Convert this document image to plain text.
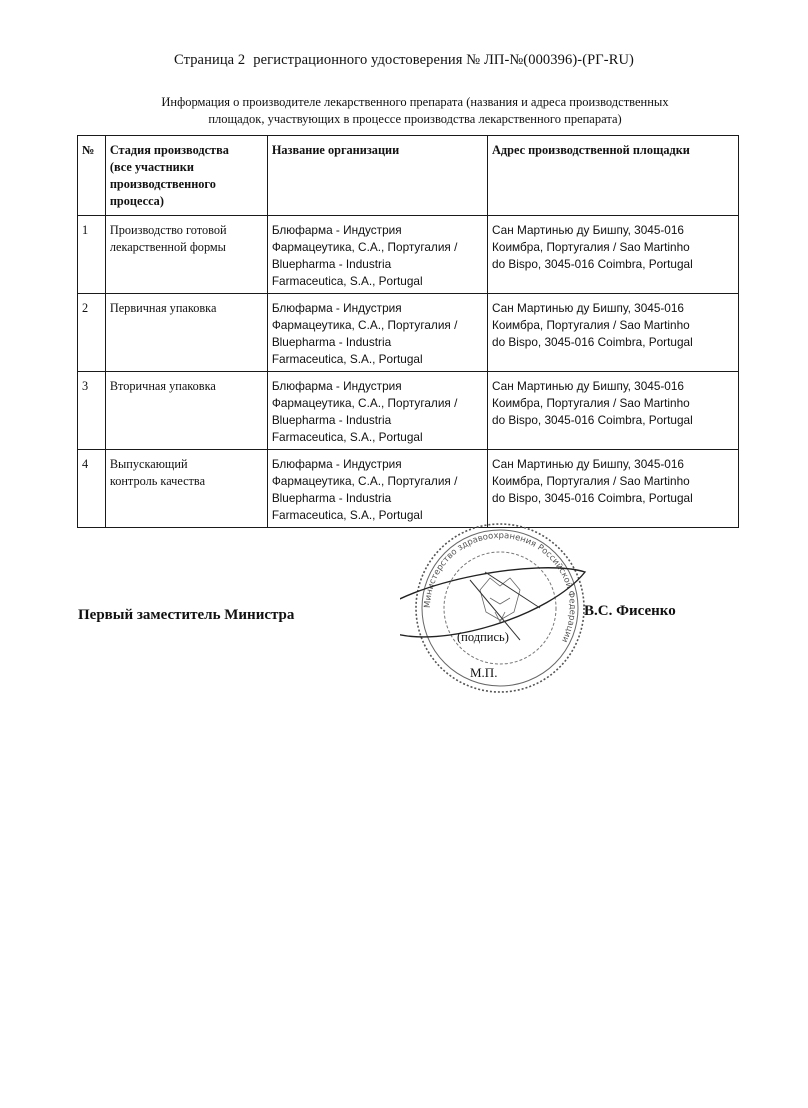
Страница 2 регистрационного удостоверения № ЛП-№(000396)-(РГ-RU)
Информация о производителе лекарственного препарата (названия и адреса производственных
площадок, участвующих в процессе производства лекарственного препарата)
№	Стадия производства
(все участники
производственного
процесса)	Название организации	Адрес производственной площадки
1	Производство готовой
лекарственной формы	Блюфарма - Индустрия
Фармацеутика, С.А., Португалия /
Bluepharma - Industria
Farmaceutica, S.A., Portugal	Сан Мартинью ду Бишпу, 3045-016
Коимбра, Португалия / Sao Martinho
do Bispo, 3045-016 Coimbra, Portugal
2	Первичная упаковка	Блюфарма - Индустрия
Фармацеутика, С.А., Португалия /
Bluepharma - Industria
Farmaceutica, S.A., Portugal	Сан Мартинью ду Бишпу, 3045-016
Коимбра, Португалия / Sao Martinho
do Bispo, 3045-016 Coimbra, Portugal
3	Вторичная упаковка	Блюфарма - Индустрия
Фармацеутика, С.А., Португалия /
Bluepharma - Industria
Farmaceutica, S.A., Portugal	Сан Мартинью ду Бишпу, 3045-016
Коимбра, Португалия / Sao Martinho
do Bispo, 3045-016 Coimbra, Portugal
4	Выпускающий
контроль качества	Блюфарма - Индустрия
Фармацеутика, С.А., Португалия /
Bluepharma - Industria
Farmaceutica, S.A., Portugal	Сан Мартинью ду Бишпу, 3045-016
Коимбра, Португалия / Sao Martinho
do Bispo, 3045-016 Coimbra, Portugal
Министерство здравоохранения Российской Федерации
Первый заместитель Министра	В.С. Фисенко
(подпись)
М.П.
